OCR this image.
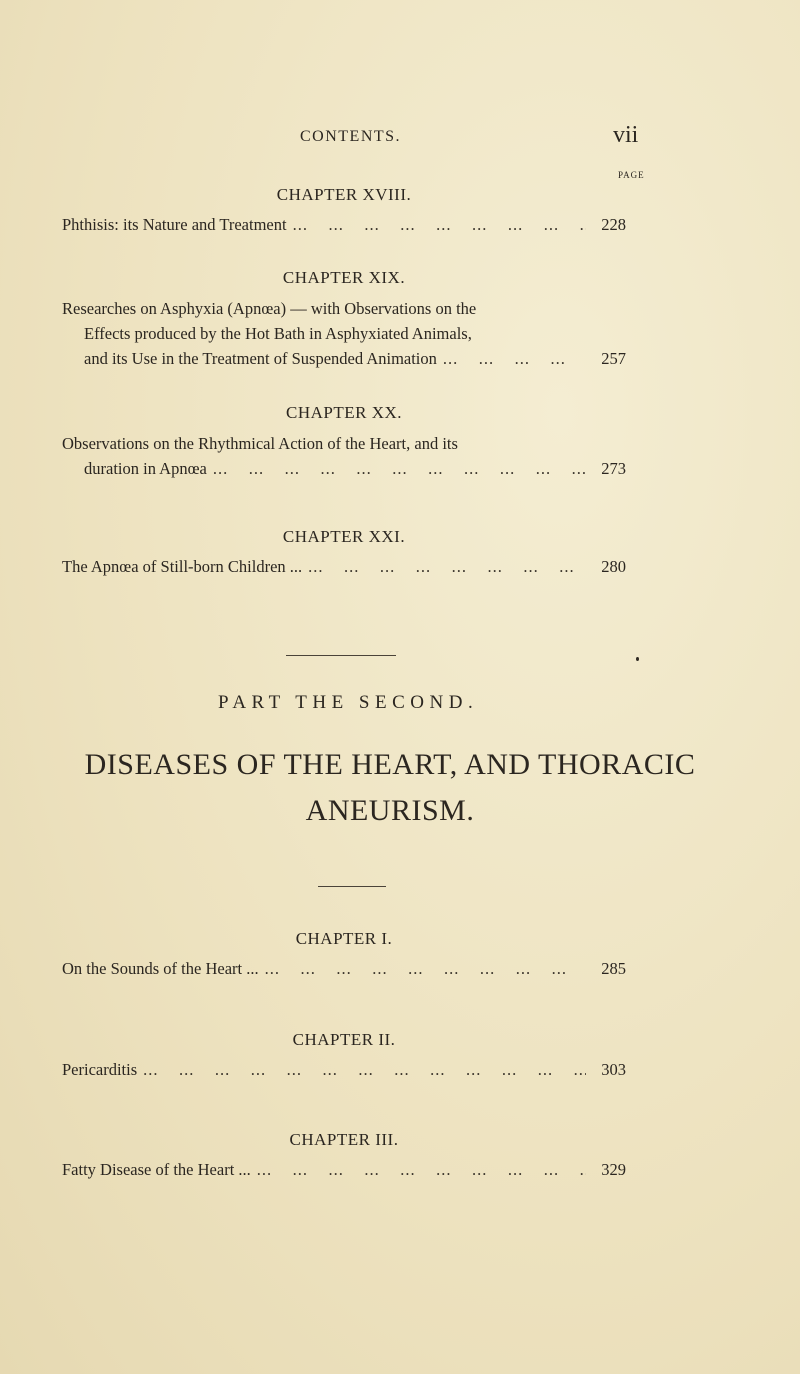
CONTENTS.	vii
PAGE
CHAPTER XVIII.
Phthisis: its Nature and Treatment ...	228
CHAPTER XIX.
Researches on Asphyxia (Apnœa) — with Observations on the
Effects produced by the Hot Bath in Asphyxiated Animals,
and its Use in the Treatment of Suspended Animation ...	257
CHAPTER XX.
Observations on the Rhythmical Action of the Heart, and its
duration in Apnœa ...	273
CHAPTER XXI.
The Apnœa of Still-born Children ... ...	280
PART THE SECOND.
DISEASES OF THE HEART, AND THORACIC
ANEURISM.
CHAPTER I.
On the Sounds of the Heart ... ...	285
CHAPTER II.
Pericarditis ...	303
CHAPTER III.
Fatty Disease of the Heart ... ...	329
